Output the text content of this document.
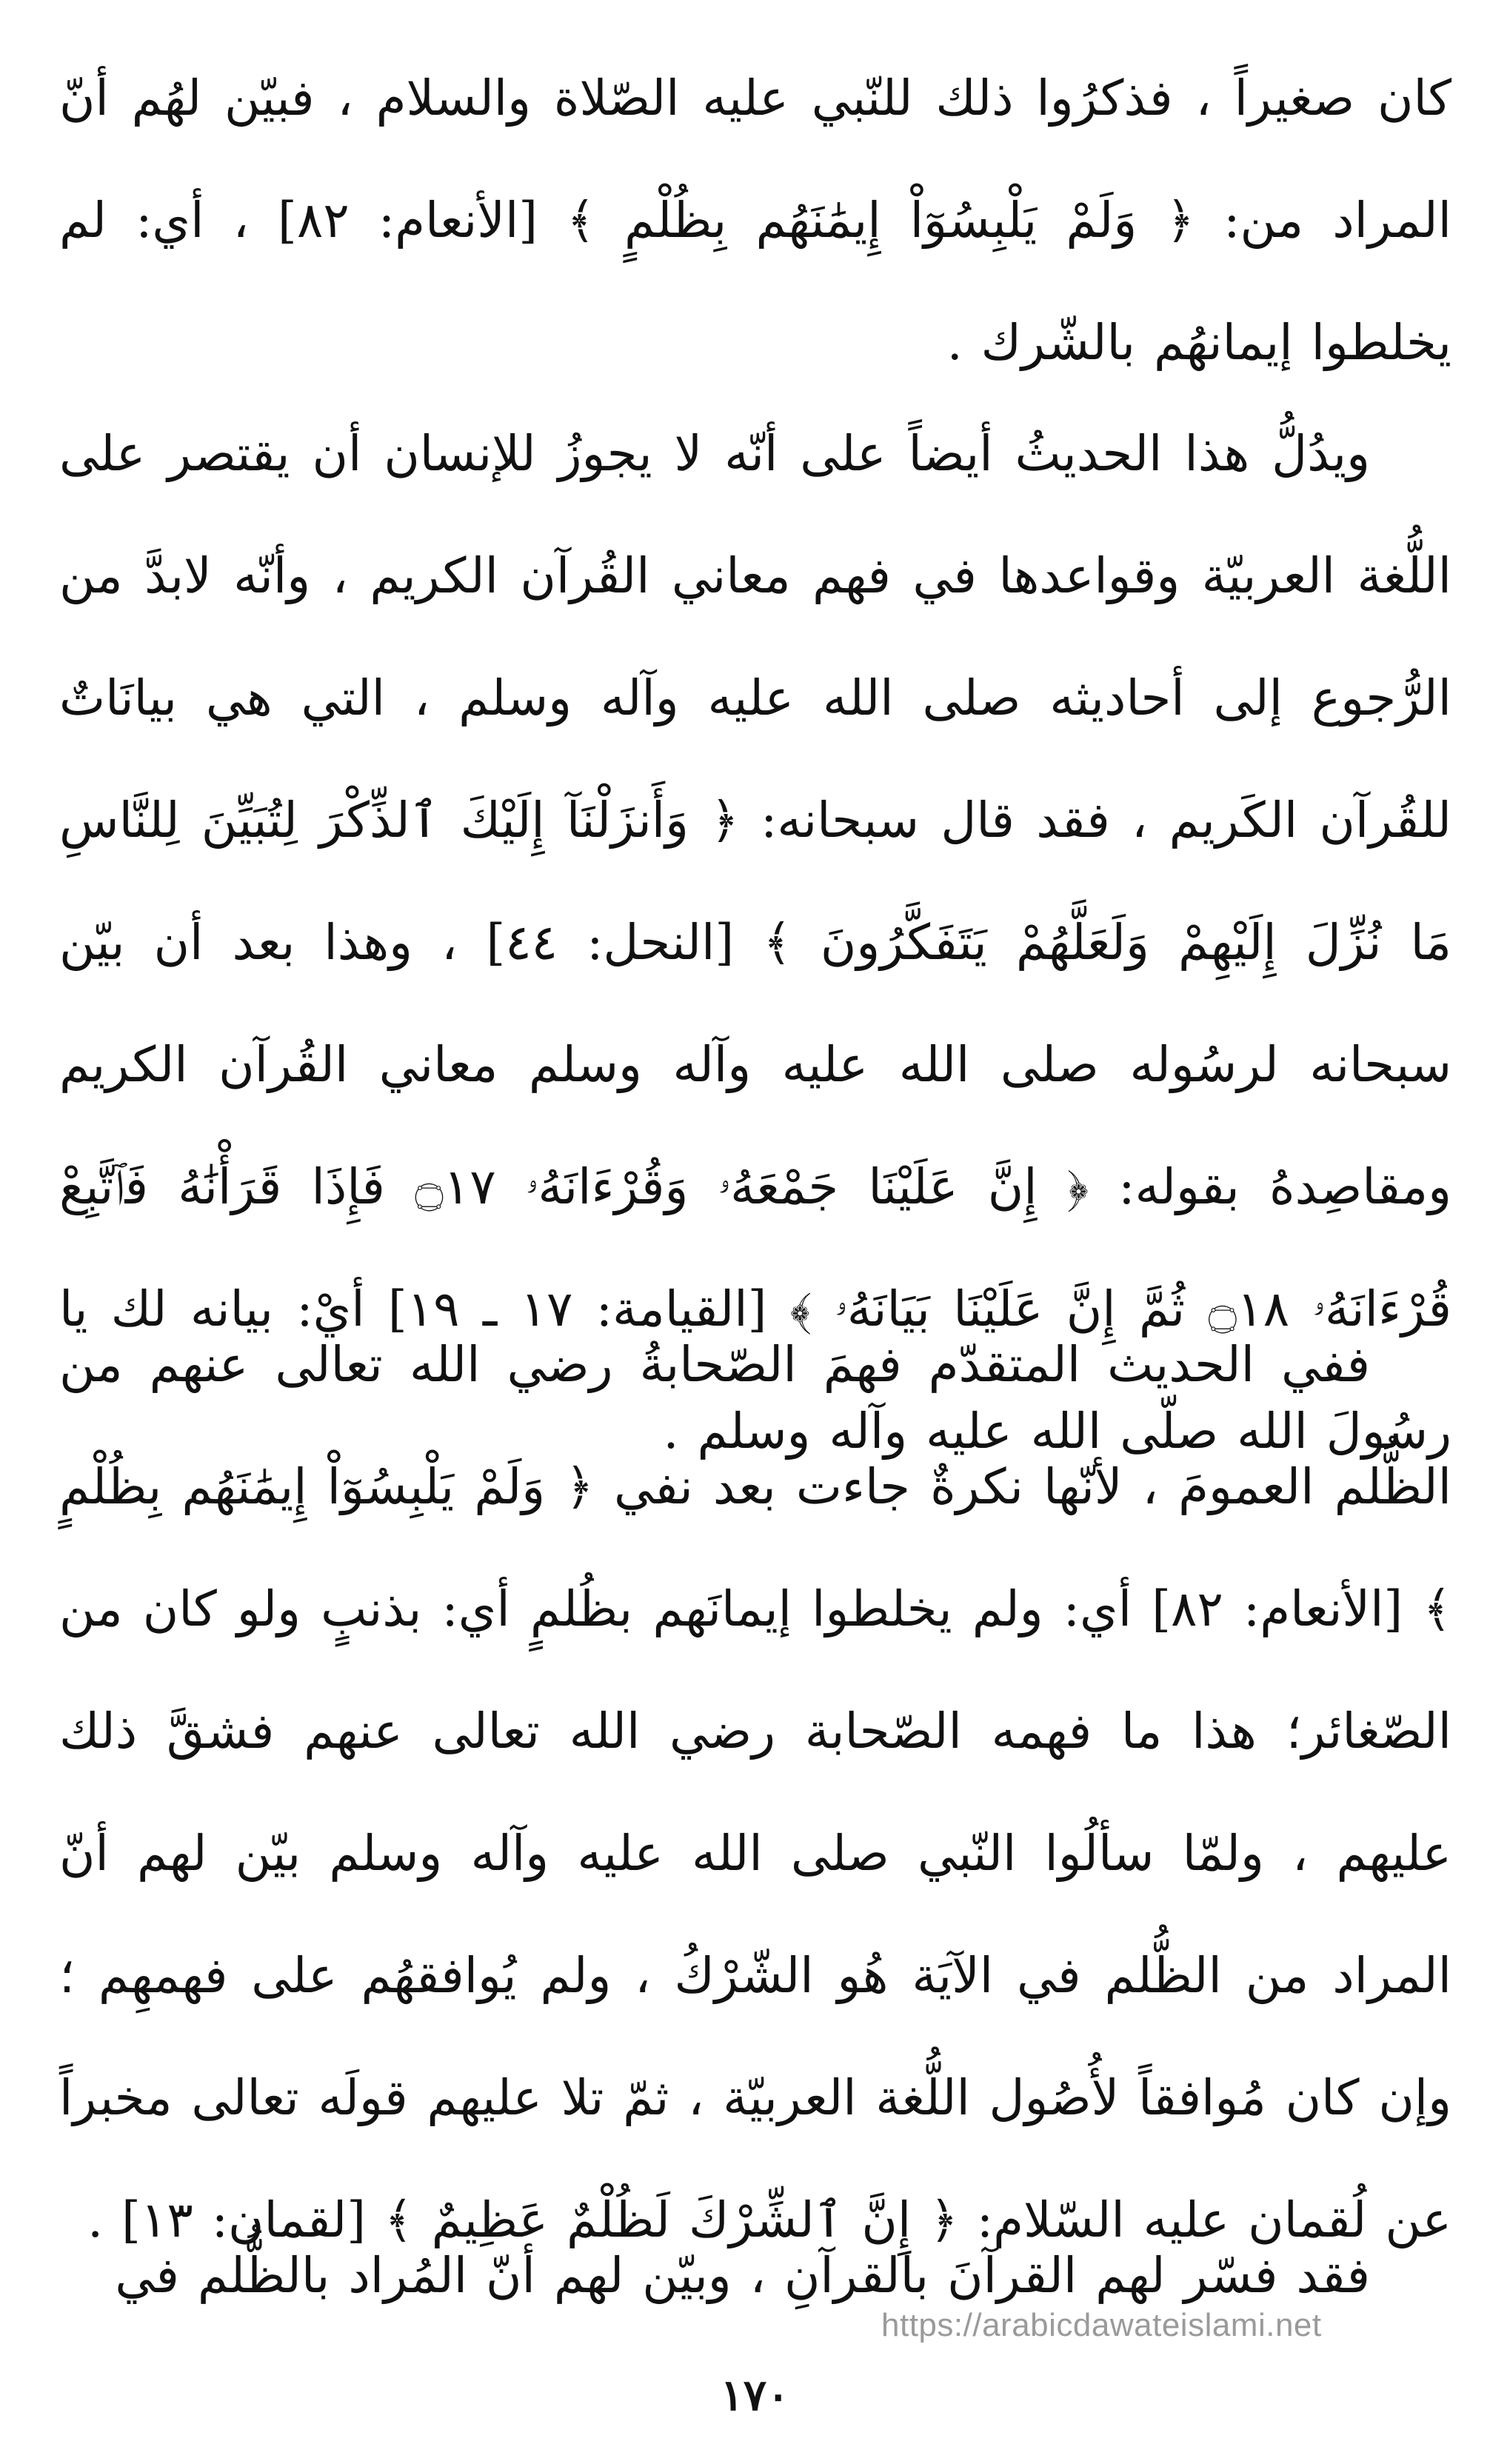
كان صغيراً ، فذكرُوا ذلك للنّبي عليه الصّلاة والسلام ، فبيّن لهُم أنّ المراد من: ﴿ وَلَمْ يَلْبِسُوٓاْ إِيمَٰنَهُم بِظُلْمٍ ﴾ [الأنعام: ٨٢] ، أي: لم يخلطوا إيمانهُم بالشّرك .

ويدُلُّ هذا الحديثُ أيضاً على أنّه لا يجوزُ للإنسان أن يقتصر على اللُّغة العربيّة وقواعدها في فهم معاني القُرآن الكريم ، وأنّه لابدَّ من الرُّجوع إلى أحاديثه صلى الله عليه وآله وسلم ، التي هي بيانَاتٌ للقُرآن الكَريم ، فقد قال سبحانه: ﴿ وَأَنزَلْنَآ إِلَيْكَ ٱلذِّكْرَ لِتُبَيِّنَ لِلنَّاسِ مَا نُزِّلَ إِلَيْهِمْ وَلَعَلَّهُمْ يَتَفَكَّرُونَ ﴾ [النحل: ٤٤] ، وهذا بعد أن بيّن سبحانه لرسُوله صلى الله عليه وآله وسلم معاني القُرآن الكريم ومقاصِدهُ بقوله: ﴿ إِنَّ عَلَيْنَا جَمْعَهُۥ وَقُرْءَانَهُۥ ۝١٧ فَإِذَا قَرَأْنَٰهُ فَٱتَّبِعْ قُرْءَانَهُۥ ۝١٨ ثُمَّ إِنَّ عَلَيْنَا بَيَانَهُۥ ﴾ [القيامة: ١٧ ـ ١٩] أيْ: بيانه لك يا رسُولَ الله صلّى الله عليه وآله وسلم .

ففي الحديث المتقدّم فهمَ الصّحابةُ رضي الله تعالى عنهم من الظُّلم العمومَ ، لأنّها نكرةٌ جاءت بعد نفي ﴿ وَلَمْ يَلْبِسُوٓاْ إِيمَٰنَهُم بِظُلْمٍ ﴾ [الأنعام: ٨٢] أي: ولم يخلطوا إيمانَهم بظُلمٍ أي: بذنبٍ ولو كان من الصّغائر؛ هذا ما فهمه الصّحابة رضي الله تعالى عنهم فشقَّ ذلك عليهم ، ولمّا سألُوا النّبي صلى الله عليه وآله وسلم بيّن لهم أنّ المراد من الظُّلم في الآيَة هُو الشّرْكُ ، ولم يُوافقهُم على فهمهِم ؛ وإن كان مُوافقاً لأُصُول اللُّغة العربيّة ، ثمّ تلا عليهم قولَه تعالى مخبراً عن لُقمان عليه السّلام: ﴿ إِنَّ ٱلشِّرْكَ لَظُلْمٌ عَظِيمٌ ﴾ [لقمان: ١٣] .

فقد فسّر لهم القرآنَ بالقرآنِ ، وبيّن لهم أنّ المُراد بالظُّلم في

https://arabicdawateislami.net
١٧٠
